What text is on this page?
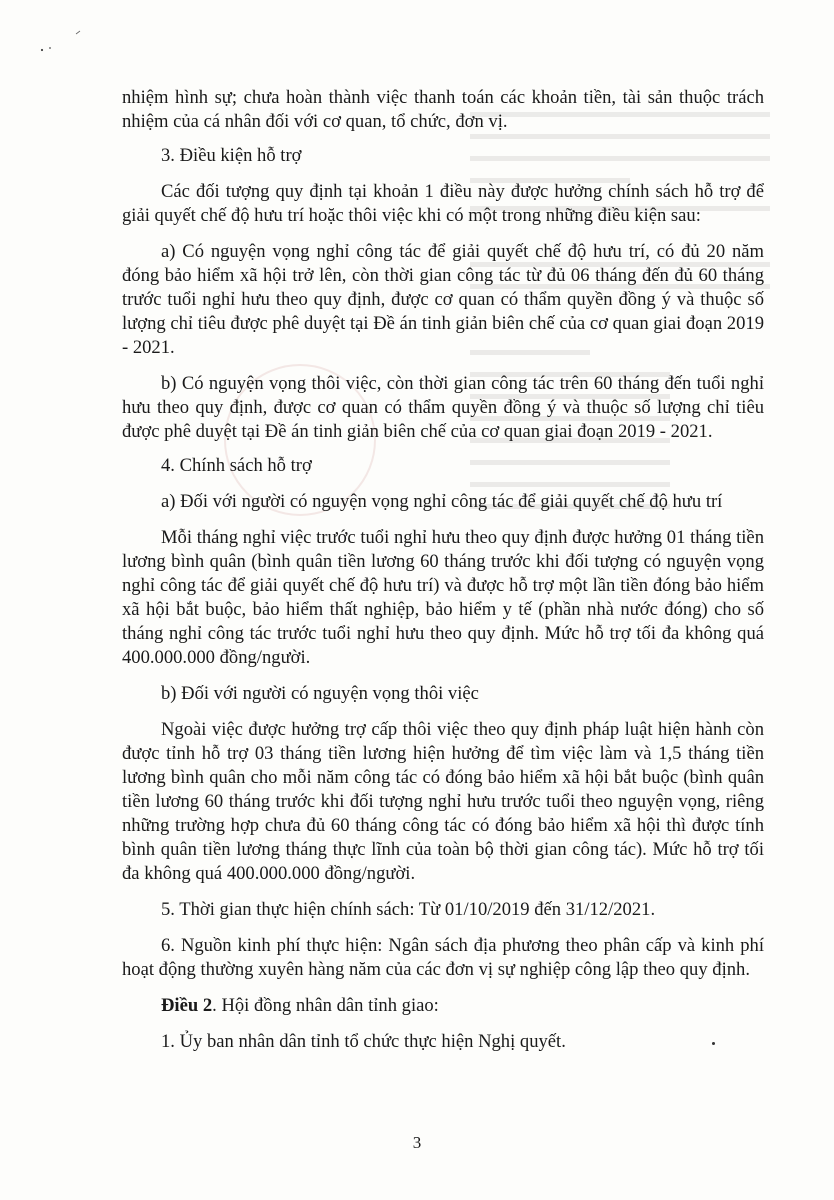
nhiệm hình sự; chưa hoàn thành việc thanh toán các khoản tiền, tài sản thuộc trách nhiệm của cá nhân đối với cơ quan, tổ chức, đơn vị.

3. Điều kiện hỗ trợ

Các đối tượng quy định tại khoản 1 điều này được hưởng chính sách hỗ trợ để giải quyết chế độ hưu trí hoặc thôi việc khi có một trong những điều kiện sau:

a) Có nguyện vọng nghỉ công tác để giải quyết chế độ hưu trí, có đủ 20 năm đóng bảo hiểm xã hội trở lên, còn thời gian công tác từ đủ 06 tháng đến đủ 60 tháng trước tuổi nghỉ hưu theo quy định, được cơ quan có thẩm quyền đồng ý và thuộc số lượng chỉ tiêu được phê duyệt tại Đề án tinh giản biên chế của cơ quan giai đoạn 2019 - 2021.

b) Có nguyện vọng thôi việc, còn thời gian công tác trên 60 tháng đến tuổi nghỉ hưu theo quy định, được cơ quan có thẩm quyền đồng ý và thuộc số lượng chỉ tiêu được phê duyệt tại Đề án tinh giản biên chế của cơ quan giai đoạn 2019 - 2021.

4. Chính sách hỗ trợ

a) Đối với người có nguyện vọng nghỉ công tác để giải quyết chế độ hưu trí

Mỗi tháng nghỉ việc trước tuổi nghỉ hưu theo quy định được hưởng 01 tháng tiền lương bình quân (bình quân tiền lương 60 tháng trước khi đối tượng có nguyện vọng nghỉ công tác để giải quyết chế độ hưu trí) và được hỗ trợ một lần tiền đóng bảo hiểm xã hội bắt buộc, bảo hiểm thất nghiệp, bảo hiểm y tế (phần nhà nước đóng) cho số tháng nghỉ công tác trước tuổi nghỉ hưu theo quy định. Mức hỗ trợ tối đa không quá 400.000.000 đồng/người.

b) Đối với người có nguyện vọng thôi việc

Ngoài việc được hưởng trợ cấp thôi việc theo quy định pháp luật hiện hành còn được tỉnh hỗ trợ 03 tháng tiền lương hiện hưởng để tìm việc làm và 1,5 tháng tiền lương bình quân cho mỗi năm công tác có đóng bảo hiểm xã hội bắt buộc (bình quân tiền lương 60 tháng trước khi đối tượng nghỉ hưu trước tuổi theo nguyện vọng, riêng những trường hợp chưa đủ 60 tháng công tác có đóng bảo hiểm xã hội thì được tính bình quân tiền lương tháng thực lĩnh của toàn bộ thời gian công tác). Mức hỗ trợ tối đa không quá 400.000.000 đồng/người.

5. Thời gian thực hiện chính sách: Từ 01/10/2019 đến 31/12/2021.

6. Nguồn kinh phí thực hiện: Ngân sách địa phương theo phân cấp và kinh phí hoạt động thường xuyên hàng năm của các đơn vị sự nghiệp công lập theo quy định.

Điều 2. Hội đồng nhân dân tỉnh giao:

1. Ủy ban nhân dân tỉnh tổ chức thực hiện Nghị quyết.

3
